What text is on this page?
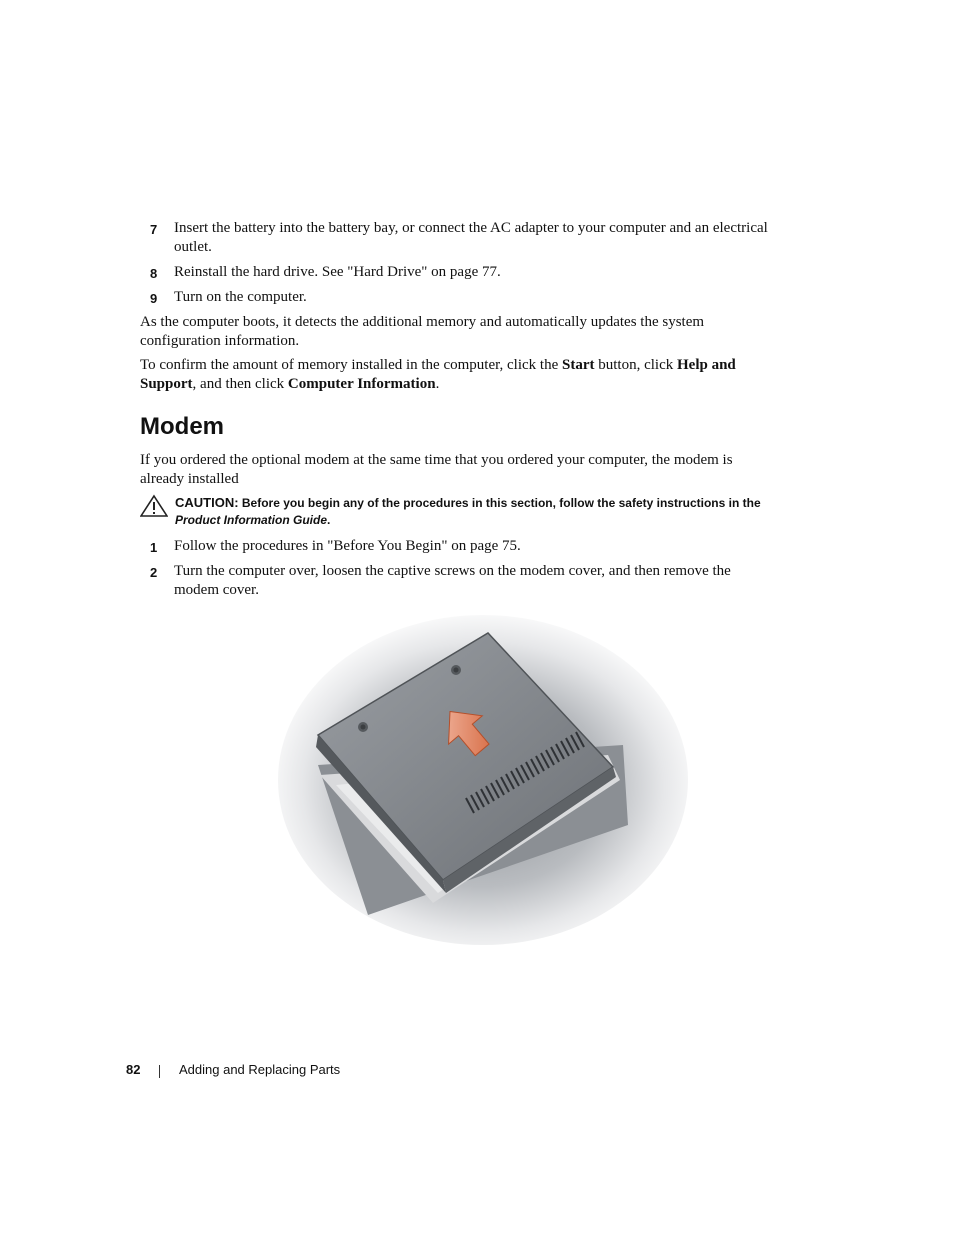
7	Insert the battery into the battery bay, or connect the AC adapter to your computer and an electrical outlet.
8	Reinstall the hard drive. See "Hard Drive" on page 77.
9	Turn on the computer.
As the computer boots, it detects the additional memory and automatically updates the system configuration information.
To confirm the amount of memory installed in the computer, click the Start button, click Help and Support, and then click Computer Information.
Modem
If you ordered the optional modem at the same time that you ordered your computer, the modem is already installed
CAUTION: Before you begin any of the procedures in this section, follow the safety instructions in the
Product Information Guide.
1	Follow the procedures in "Before You Begin" on page 75.
2	Turn the computer over, loosen the captive screws on the modem cover, and then remove the modem cover.
82	Adding and Replacing Parts
